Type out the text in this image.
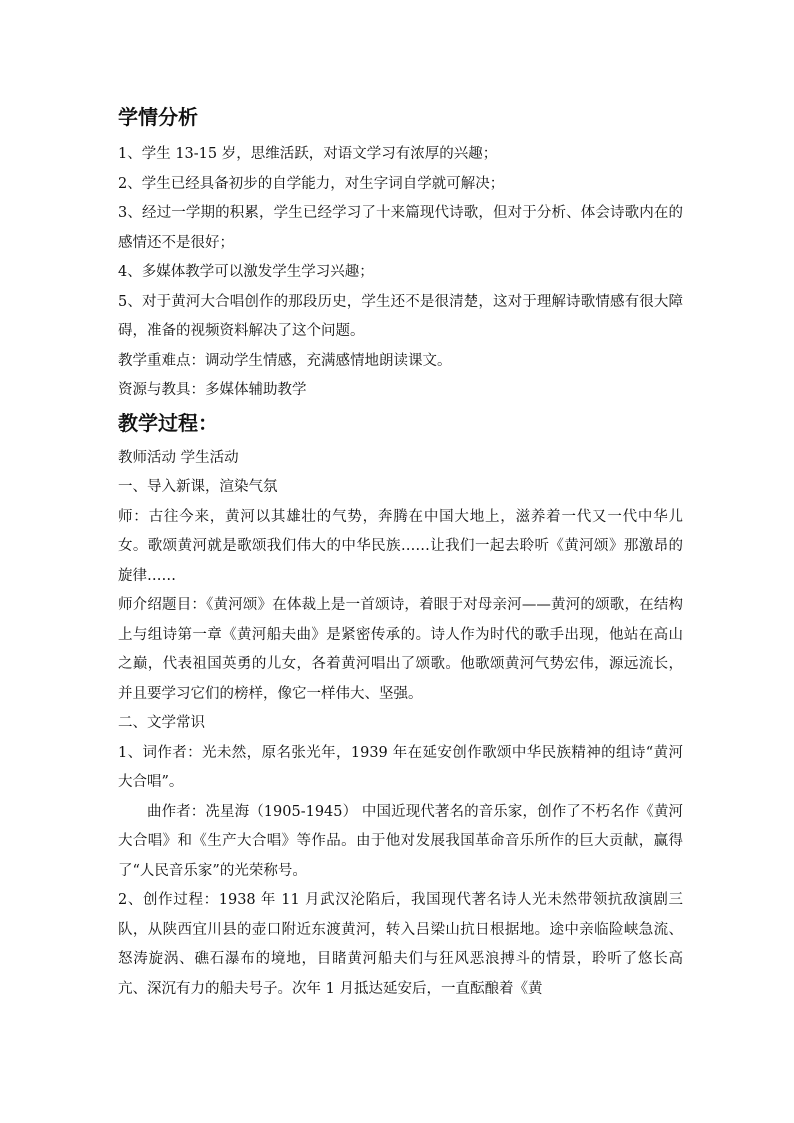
学情分析

1、学生 13-15 岁，思维活跃，对语文学习有浓厚的兴趣；

2、学生已经具备初步的自学能力，对生字词自学就可解决；

3、经过一学期的积累，学生已经学习了十来篇现代诗歌，但对于分析、体会诗歌内在的感情还不是很好；

4、多媒体教学可以激发学生学习兴趣；

5、对于黄河大合唱创作的那段历史，学生还不是很清楚，这对于理解诗歌情感有很大障碍，准备的视频资料解决了这个问题。

教学重难点：调动学生情感，充满感情地朗读课文。

资源与教具：多媒体辅助教学

教学过程：

教师活动 学生活动

一、导入新课，渲染气氛

师：古往今来，黄河以其雄壮的气势，奔腾在中国大地上，滋养着一代又一代中华儿女。歌颂黄河就是歌颂我们伟大的中华民族……让我们一起去聆听《黄河颂》那激昂的旋律……

师介绍题目：《黄河颂》在体裁上是一首颂诗，着眼于对母亲河——黄河的颂歌，在结构上与组诗第一章《黄河船夫曲》是紧密传承的。诗人作为时代的歌手出现，他站在高山之巅，代表祖国英勇的儿女，各着黄河唱出了颂歌。他歌颂黄河气势宏伟，源远流长，并且要学习它们的榜样，像它一样伟大、坚强。

二、文学常识

1、词作者：光未然，原名张光年，1939 年在延安创作歌颂中华民族精神的组诗“黄河大合唱”。

曲作者：冼星海（1905-1945） 中国近现代著名的音乐家，创作了不朽名作《黄河大合唱》和《生产大合唱》等作品。由于他对发展我国革命音乐所作的巨大贡献，赢得了“人民音乐家”的光荣称号。

2、创作过程：1938 年 11 月武汉沦陷后，我国现代著名诗人光未然带领抗敌演剧三队，从陕西宜川县的壶口附近东渡黄河，转入吕梁山抗日根据地。途中亲临险峡急流、怒涛旋涡、礁石瀑布的境地，目睹黄河船夫们与狂风恶浪搏斗的情景，聆听了悠长高亢、深沉有力的船夫号子。次年 1 月抵达延安后，一直酝酿着《黄
